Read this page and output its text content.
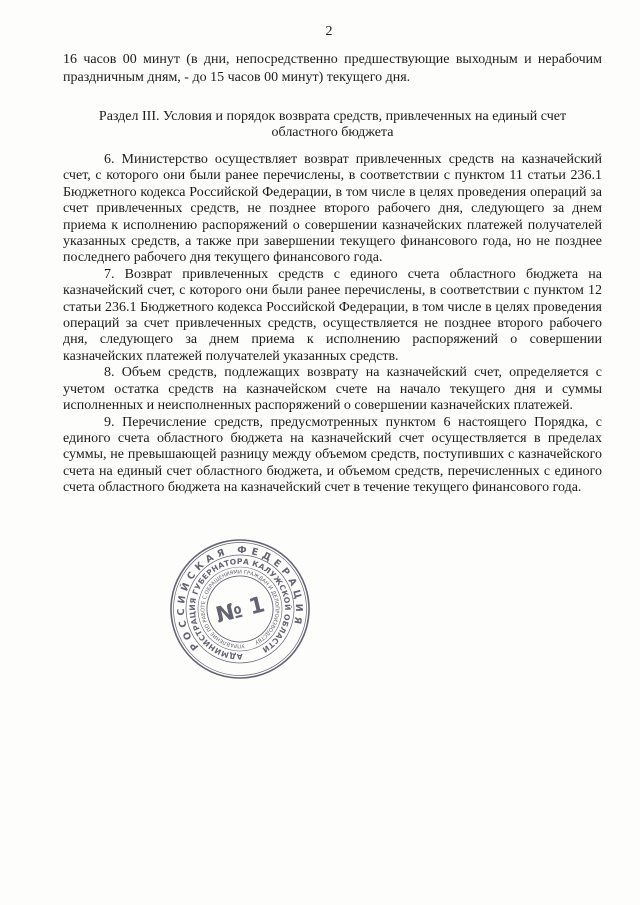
2

16 часов 00 минут (в дни, непосредственно предшествующие выходным и нерабочим праздничным дням, - до 15 часов 00 минут) текущего дня.

Раздел III. Условия и порядок возврата средств, привлеченных на единый счет
областного бюджета

6. Министерство осуществляет возврат привлеченных средств на казначейский счет, с которого они были ранее перечислены, в соответствии с пунктом 11 статьи 236.1 Бюджетного кодекса Российской Федерации, в том числе в целях проведения операций за счет привлеченных средств, не позднее второго рабочего дня, следующего за днем приема к исполнению распоряжений о совершении казначейских платежей получателей указанных средств, а также при завершении текущего финансового года, но не позднее последнего рабочего дня текущего финансового года.

7. Возврат привлеченных средств с единого счета областного бюджета на казначейский счет, с которого они были ранее перечислены, в соответствии с пунктом 12 статьи 236.1 Бюджетного кодекса Российской Федерации, в том числе в целях проведения операций за счет привлеченных средств, осуществляется не позднее второго рабочего дня, следующего за днем приема к исполнению распоряжений о совершении казначейских платежей получателей указанных средств.

8. Объем средств, подлежащих возврату на казначейский счет, определяется с учетом остатка средств на казначейском счете на начало текущего дня и суммы исполненных и неисполненных распоряжений о совершении казначейских платежей.

9. Перечисление средств, предусмотренных пунктом 6 настоящего Порядка, с единого счета областного бюджета на казначейский счет осуществляется в пределах суммы, не превышающей разницу между объемом средств, поступивших с казначейского счета на единый счет областного бюджета, и объемом средств, перечисленных с единого счета областного бюджета на казначейский счет в течение текущего финансового года.

РОССИЙСКАЯ ФЕДЕРАЦИЯ
АДМИНИСТРАЦИЯ ГУБЕРНАТОРА КАЛУЖСКОЙ ОБЛАСТИ
УПРАВЛЕНИЕ ПО РАБОТЕ С ОБРАЩЕНИЯМИ ГРАЖДАН И ДЕЛОПРОИЗВОДСТВУ
№ 1
